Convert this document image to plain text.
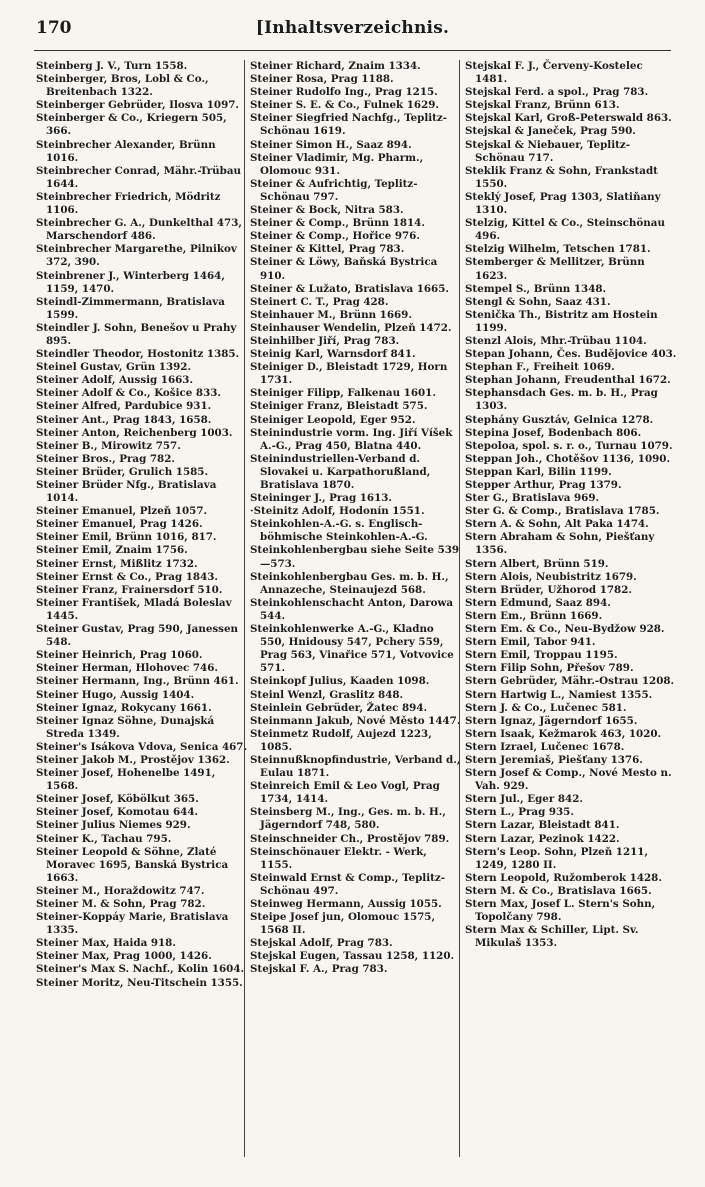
170	[Inhaltsverzeichnis.

Steinberg J. V., Turn 1558.

Steinberger, Bros, Lobl & Co., Breitenbach 1322.

Steinberger Gebrüder, Ilosva 1097.

Steinberger & Co., Kriegern 505, 366.

Steinbrecher Alexander, Brünn 1016.

Steinbrecher Conrad, Mähr.-Trübau 1644.

Steinbrecher Friedrich, Mödritz 1106.

Steinbrecher G. A., Dunkelthal 473, Marschendorf 486.

Steinbrecher Margarethe, Pilnikov 372, 390.

Steinbrener J., Winterberg 1464, 1159, 1470.

Steindl-Zimmermann, Bratislava 1599.

Steindler J. Sohn, Benešov u Prahy 895.

Steindler Theodor, Hostonitz 1385.

Steinel Gustav, Grün 1392.

Steiner Adolf, Aussig 1663.

Steiner Adolf & Co., Košice 833.

Steiner Alfred, Pardubice 931.

Steiner Ant., Prag 1843, 1658.

Steiner Anton, Reichenberg 1003.

Steiner B., Mirowitz 757.

Steiner Bros., Prag 782.

Steiner Brüder, Grulich 1585.

Steiner Brüder Nfg., Bratislava 1014.

Steiner Emanuel, Plzeň 1057.

Steiner Emanuel, Prag 1426.

Steiner Emil, Brünn 1016, 817.

Steiner Emil, Znaim 1756.

Steiner Ernst, Mißlitz 1732.

Steiner Ernst & Co., Prag 1843.

Steiner Franz, Frainersdorf 510.

Steiner František, Mladá Boleslav 1445.

Steiner Gustav, Prag 590, Janessen 548.

Steiner Heinrich, Prag 1060.

Steiner Herman, Hlohovec 746.

Steiner Hermann, Ing., Brünn 461.

Steiner Hugo, Aussig 1404.

Steiner Ignaz, Rokycany 1661.

Steiner Ignaz Söhne, Dunajská Streda 1349.

Steiner's Isákova Vdova, Senica 467.

Steiner Jakob M., Prostějov 1362.

Steiner Josef, Hohenelbe 1491, 1568.

Steiner Josef, Köbölkut 365.

Steiner Josef, Komotau 644.

Steiner Julius Niemes 929.

Steiner K., Tachau 795.

Steiner Leopold & Söhne, Zlaté Moravec 1695, Banská Bystrica 1663.

Steiner M., Horaždowitz 747.

Steiner M. & Sohn, Prag 782.

Steiner-Koppáy Marie, Bratislava 1335.

Steiner Max, Haida 918.

Steiner Max, Prag 1000, 1426.

Steiner's Max S. Nachf., Kolin 1604.

Steiner Moritz, Neu-Titschein 1355.

Steiner Richard, Znaim 1334.

Steiner Rosa, Prag 1188.

Steiner Rudolfo Ing., Prag 1215.

Steiner S. E. & Co., Fulnek 1629.

Steiner Siegfried Nachfg., Teplitz-Schönau 1619.

Steiner Simon H., Saaz 894.

Steiner Vladimir, Mg. Pharm., Olomouc 931.

Steiner & Aufrichtig, Teplitz-Schönau 797.

Steiner & Bock, Nitra 583.

Steiner & Comp., Brünn 1814.

Steiner & Comp., Hořice 976.

Steiner & Kittel, Prag 783.

Steiner & Löwy, Baňská Bystrica 910.

Steiner & Lužato, Bratislava 1665.

Steinert C. T., Prag 428.

Steinhauer M., Brünn 1669.

Steinhauser Wendelin, Plzeň 1472.

Steinhilber Jiří, Prag 783.

Steinig Karl, Warnsdorf 841.

Steiniger D., Bleistadt 1729, Horn 1731.

Steiniger Filipp, Falkenau 1601.

Steiniger Franz, Bleistadt 575.

Steiniger Leopold, Eger 952.

Steinindustrie vorm. Ing. Jiří Víšek A.-G., Prag 450, Blatna 440.

Steinindustriellen-Verband d. Slovakei u. Karpathorußland, Bratislava 1870.

Steininger J., Prag 1613.

·Steinitz Adolf, Hodonín 1551.

Steinkohlen-A.-G. s. Englisch-böhmische Steinkohlen-A.-G.

Steinkohlenbergbau siehe Seite 539—573.

Steinkohlenbergbau Ges. m. b. H., Annazeche, Steinaujezd 568.

Steinkohlenschacht Anton, Darowa 544.

Steinkohlenwerke A.-G., Kladno 550, Hnidousy 547, Pchery 559, Prag 563, Vinařice 571, Votvovice 571.

Steinkopf Julius, Kaaden 1098.

Steinl Wenzl, Graslitz 848.

Steinlein Gebrüder, Žatec 894.

Steinmann Jakub, Nové Město 1447.

Steinmetz Rudolf, Aujezd 1223, 1085.

Steinnußknopfindustrie, Verband d., Eulau 1871.

Steinreich Emil & Leo Vogl, Prag 1734, 1414.

Steinsberg M., Ing., Ges. m. b. H., Jägerndorf 748, 580.

Steinschneider Ch., Prostějov 789.

Steinschönauer Elektr. - Werk, 1155.

Steinwald Ernst & Comp., Teplitz-Schönau 497.

Steinweg Hermann, Aussig 1055.

Steipe Josef jun, Olomouc 1575, 1568 II.

Stejskal Adolf, Prag 783.

Stejskal Eugen, Tassau 1258, 1120.

Stejskal F. A., Prag 783.

Stejskal F. J., Červeny-Kostelec 1481.

Stejskal Ferd. a spol., Prag 783.

Stejskal Franz, Brünn 613.

Stejskal Karl, Groß-Peterswald 863.

Stejskal & Janeček, Prag 590.

Stejskal & Niebauer, Teplitz-Schönau 717.

Steklik Franz & Sohn, Frankstadt 1550.

Steklý Josef, Prag 1303, Slatiňany 1310.

Stelzig, Kittel & Co., Steinschönau 496.

Stelzig Wilhelm, Tetschen 1781.

Stemberger & Mellitzer, Brünn 1623.

Stempel S., Brünn 1348.

Stengl & Sohn, Saaz 431.

Stenička Th., Bistritz am Hostein 1199.

Stenzl Alois, Mhr.-Trübau 1104.

Stepan Johann, Čes. Budějovice 403.

Stephan F., Freiheit 1069.

Stephan Johann, Freudenthal 1672.

Stephansdach Ges. m. b. H., Prag 1303.

Stephány Gusztáv, Gelnica 1278.

Stepina Josef, Bodenbach 806.

Stepoloa, spol. s. r. o., Turnau 1079.

Steppan Joh., Chotěšov 1136, 1090.

Steppan Karl, Bilin 1199.

Stepper Arthur, Prag 1379.

Ster G., Bratislava 969.

Ster G. & Comp., Bratislava 1785.

Stern A. & Sohn, Alt Paka 1474.

Stern Abraham & Sohn, Piešťany 1356.

Stern Albert, Brünn 519.

Stern Alois, Neubistritz 1679.

Stern Brüder, Užhorod 1782.

Stern Edmund, Saaz 894.

Stern Em., Brünn 1669.

Stern Em. & Co., Neu-Bydžow 928.

Stern Emil, Tabor 941.

Stern Emil, Troppau 1195.

Stern Filip Sohn, Přešov 789.

Stern Gebrüder, Mähr.-Ostrau 1208.

Stern Hartwig L., Namiest 1355.

Stern J. & Co., Lučenec 581.

Stern Ignaz, Jägerndorf 1655.

Stern Isaak, Kežmarok 463, 1020.

Stern Izrael, Lučenec 1678.

Stern Jeremiaš, Piešťany 1376.

Stern Josef & Comp., Nové Mesto n. Vah. 929.

Stern Jul., Eger 842.

Stern L., Prag 935.

Stern Lazar, Bleistadt 841.

Stern Lazar, Pezinok 1422.

Stern's Leop. Sohn, Plzeň 1211, 1249, 1280 II.

Stern Leopold, Ružomberok 1428.

Stern M. & Co., Bratislava 1665.

Stern Max, Josef L. Stern's Sohn, Topolčany 798.

Stern Max & Schiller, Lipt. Sv. Mikulaš 1353.
